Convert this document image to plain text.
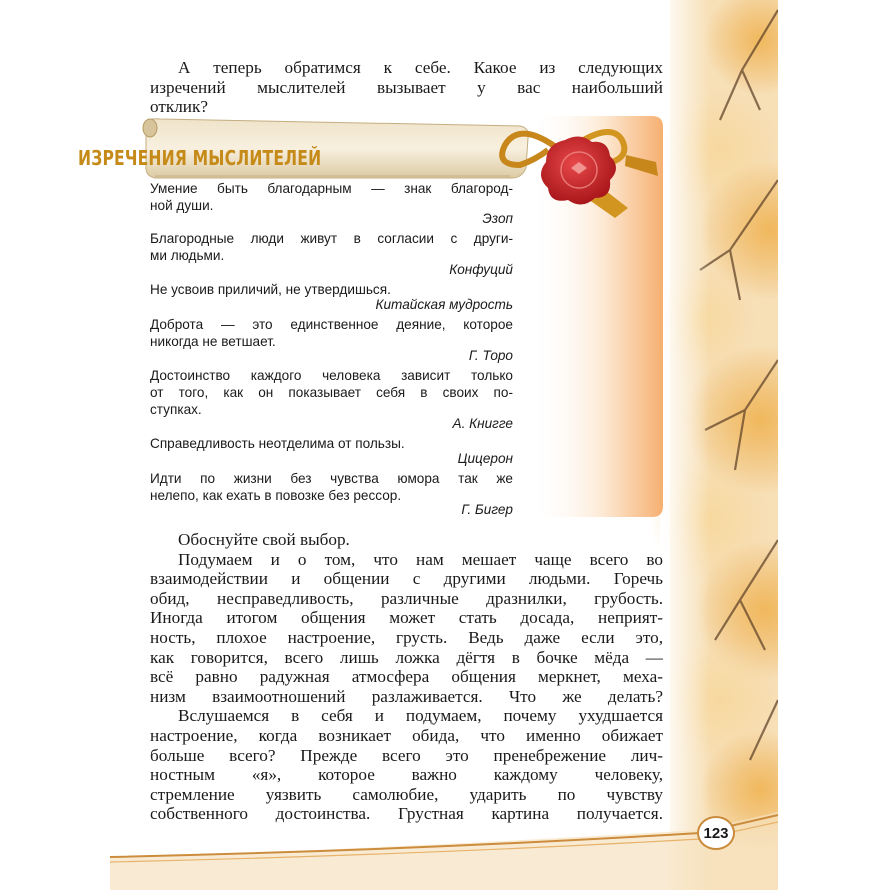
А теперь обратимся к себе. Какое из следующих
изречений мыслителей вызывает у вас наибольший
отклик?
ИЗРЕЧЕНИЯ МЫСЛИТЕЛЕЙ
Умение быть благодарным — знак благород-
ной души.
Эзоп
Благородные люди живут в согласии с други-
ми людьми.
Конфуций
Не усвоив приличий, не утвердишься.
Китайская мудрость
Доброта — это единственное деяние, которое
никогда не ветшает.
Г. Торо
Достоинство каждого человека зависит только
от того, как он показывает себя в своих по-
ступках.
А. Книгге
Справедливость неотделима от пользы.
Цицерон
Идти по жизни без чувства юмора так же
нелепо, как ехать в повозке без рессор.
Г. Бигер
Обоснуйте свой выбор.
Подумаем и о том, что нам мешает чаще всего во
взаимодействии и общении с другими людьми. Горечь
обид, несправедливость, различные дразнилки, грубость.
Иногда итогом общения может стать досада, неприят-
ность, плохое настроение, грусть. Ведь даже если это,
как говорится, всего лишь ложка дёгтя в бочке мёда —
всё равно радужная атмосфера общения меркнет, меха-
низм взаимоотношений разлаживается. Что же делать?
Вслушаемся в себя и подумаем, почему ухудшается
настроение, когда возникает обида, что именно обижает
больше всего? Прежде всего это пренебрежение лич-
ностным «я», которое важно каждому человеку,
стремление уязвить самолюбие, ударить по чувству
собственного достоинства. Грустная картина получается.
123
